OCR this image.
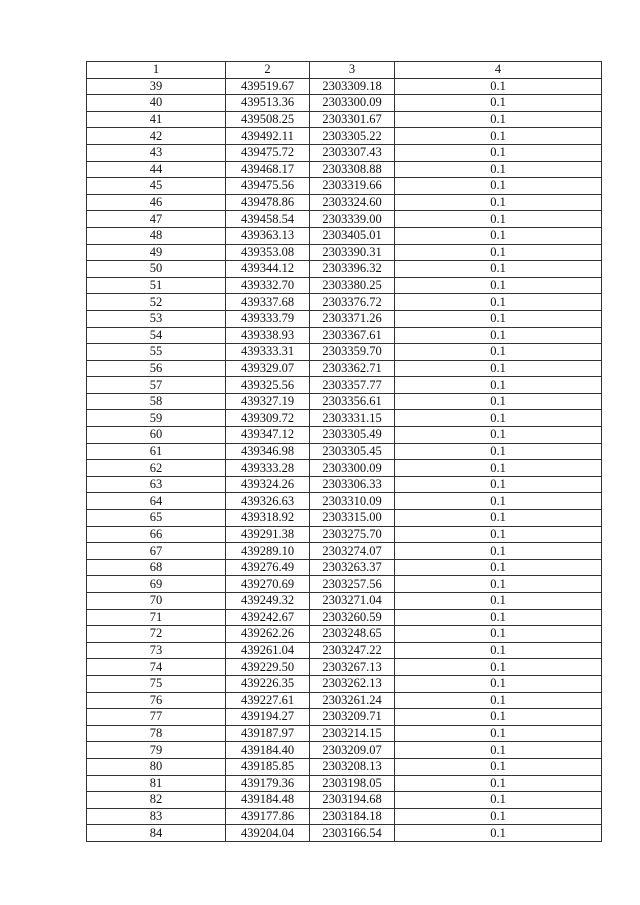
1	2	3	4
39	439519.67	2303309.18	0.1
40	439513.36	2303300.09	0.1
41	439508.25	2303301.67	0.1
42	439492.11	2303305.22	0.1
43	439475.72	2303307.43	0.1
44	439468.17	2303308.88	0.1
45	439475.56	2303319.66	0.1
46	439478.86	2303324.60	0.1
47	439458.54	2303339.00	0.1
48	439363.13	2303405.01	0.1
49	439353.08	2303390.31	0.1
50	439344.12	2303396.32	0.1
51	439332.70	2303380.25	0.1
52	439337.68	2303376.72	0.1
53	439333.79	2303371.26	0.1
54	439338.93	2303367.61	0.1
55	439333.31	2303359.70	0.1
56	439329.07	2303362.71	0.1
57	439325.56	2303357.77	0.1
58	439327.19	2303356.61	0.1
59	439309.72	2303331.15	0.1
60	439347.12	2303305.49	0.1
61	439346.98	2303305.45	0.1
62	439333.28	2303300.09	0.1
63	439324.26	2303306.33	0.1
64	439326.63	2303310.09	0.1
65	439318.92	2303315.00	0.1
66	439291.38	2303275.70	0.1
67	439289.10	2303274.07	0.1
68	439276.49	2303263.37	0.1
69	439270.69	2303257.56	0.1
70	439249.32	2303271.04	0.1
71	439242.67	2303260.59	0.1
72	439262.26	2303248.65	0.1
73	439261.04	2303247.22	0.1
74	439229.50	2303267.13	0.1
75	439226.35	2303262.13	0.1
76	439227.61	2303261.24	0.1
77	439194.27	2303209.71	0.1
78	439187.97	2303214.15	0.1
79	439184.40	2303209.07	0.1
80	439185.85	2303208.13	0.1
81	439179.36	2303198.05	0.1
82	439184.48	2303194.68	0.1
83	439177.86	2303184.18	0.1
84	439204.04	2303166.54	0.1
